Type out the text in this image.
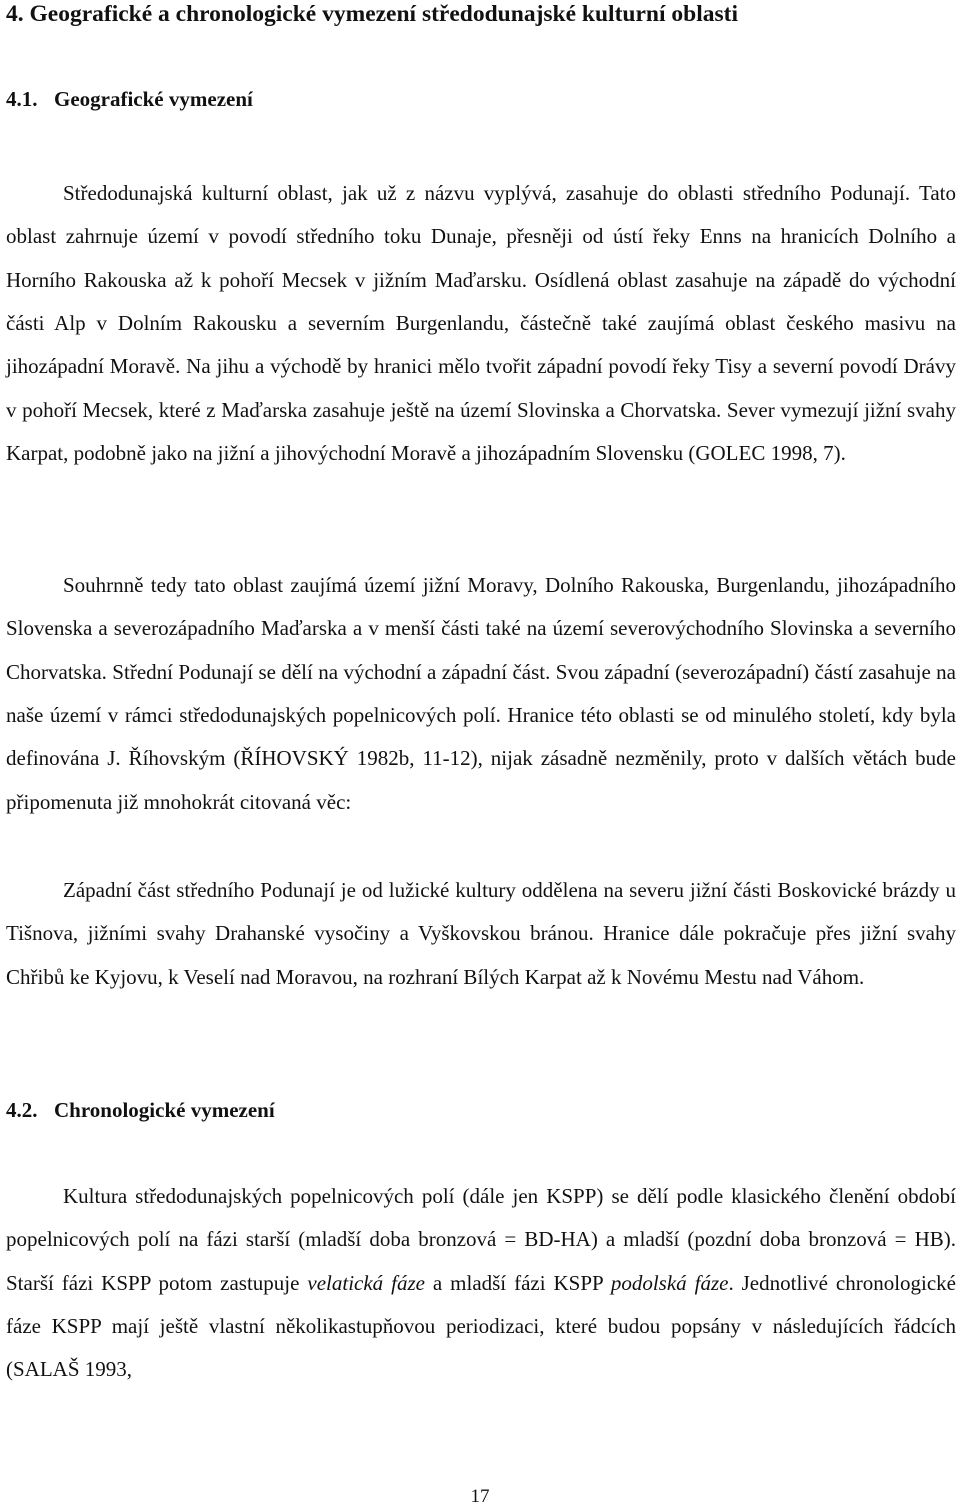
4. Geografické a chronologické vymezení středodunajské kulturní oblasti
4.1. Geografické vymezení

Středodunajská kulturní oblast, jak už z názvu vyplývá, zasahuje do oblasti středního Podunají. Tato oblast zahrnuje území v povodí středního toku Dunaje, přesněji od ústí řeky Enns na hranicích Dolního a Horního Rakouska až k pohoří Mecsek v jižním Maďarsku. Osídlená oblast zasahuje na západě do východní části Alp v Dolním Rakousku a severním Burgenlandu, částečně také zaujímá oblast českého masivu na jihozápadní Moravě. Na jihu a východě by hranici mělo tvořit západní povodí řeky Tisy a severní povodí Drávy v pohoří Mecsek, které z Maďarska zasahuje ještě na území Slovinska a Chorvatska. Sever vymezují jižní svahy Karpat, podobně jako na jižní a jihovýchodní Moravě a jihozápadním Slovensku (GOLEC 1998, 7).

Souhrnně tedy tato oblast zaujímá území jižní Moravy, Dolního Rakouska, Burgenlandu, jihozápadního Slovenska a severozápadního Maďarska a v menší části také na území severovýchodního Slovinska a severního Chorvatska. Střední Podunají se dělí na východní a západní část. Svou západní (severozápadní) částí zasahuje na naše území v rámci středodunajských popelnicových polí. Hranice této oblasti se od minulého století, kdy byla definována J. Říhovským (ŘÍHOVSKÝ 1982b, 11-12), nijak zásadně nezměnily, proto v dalších větách bude připomenuta již mnohokrát citovaná věc:

Západní část středního Podunají je od lužické kultury oddělena na severu jižní části Boskovické brázdy u Tišnova, jižními svahy Drahanské vysočiny a Vyškovskou bránou. Hranice dále pokračuje přes jižní svahy Chřibů ke Kyjovu, k Veselí nad Moravou, na rozhraní Bílých Karpat až k Novému Mestu nad Váhom.

4.2. Chronologické vymezení

Kultura středodunajských popelnicových polí (dále jen KSPP) se dělí podle klasického členění období popelnicových polí na fázi starší (mladší doba bronzová = BD-HA) a mladší (pozdní doba bronzová = HB). Starší fázi KSPP potom zastupuje velatická fáze a mladší fázi KSPP podolská fáze. Jednotlivé chronologické fáze KSPP mají ještě vlastní několikastupňovou periodizaci, které budou popsány v následujících řádcích (SALAŠ 1993,

17
